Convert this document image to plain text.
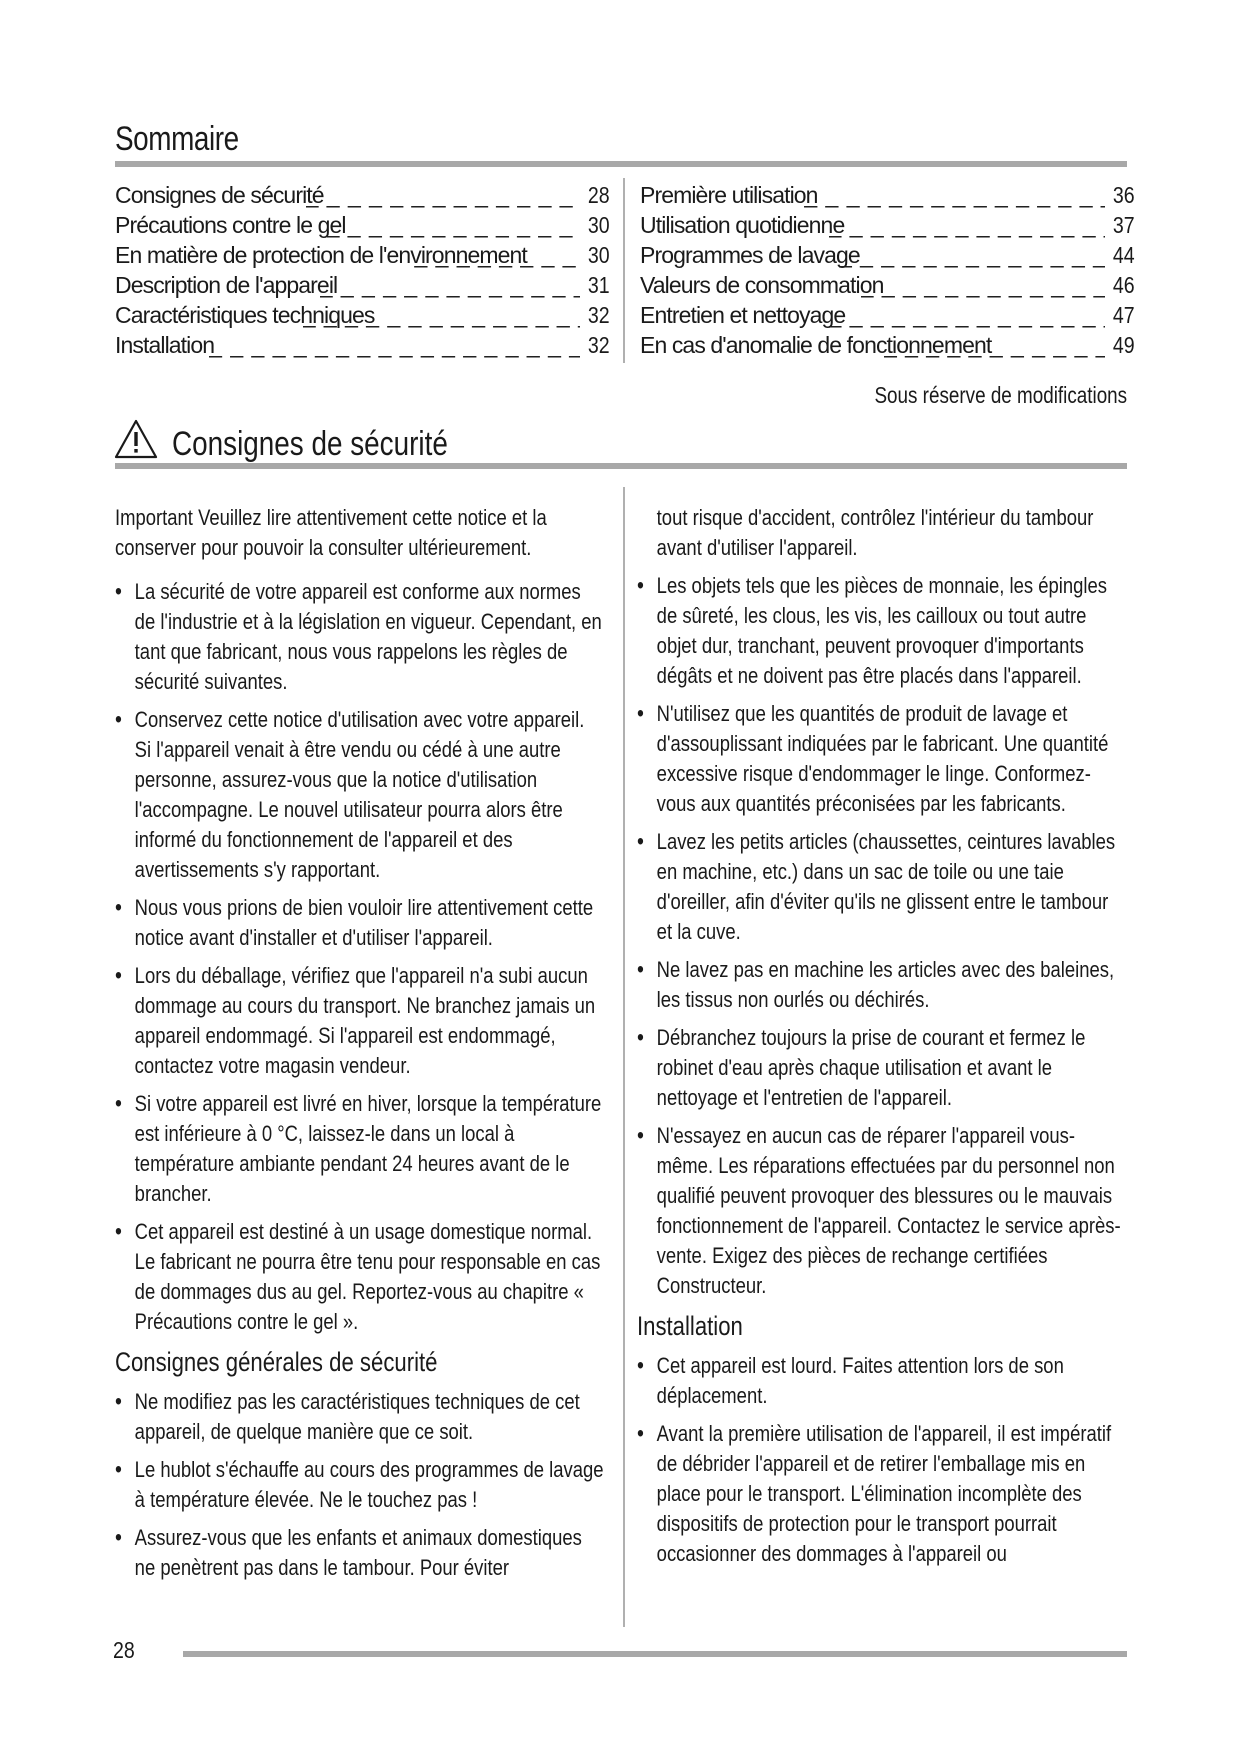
Sommaire
Consignes de sécurité _ _ _	28
Précautions contre le gel _ _ _	30
En matière de protection de l'environnement _ _ _	30
Description de l'appareil _ _ _	31
Caractéristiques techniques _ _ _	32
Installation _ _ _	32
Première utilisation _ _ _	36
Utilisation quotidienne _ _ _	37
Programmes de lavage _ _ _	44
Valeurs de consommation _ _ _	46
Entretien et nettoyage _ _ _	47
En cas d'anomalie de fonctionnement _ _ _	49
Sous réserve de modifications
Consignes de sécurité

Important Veuillez lire attentivement cette notice et la conserver pour pouvoir la consulter ultérieurement.

• La sécurité de votre appareil est conforme aux normes de l'industrie et à la législation en vigueur. Cependant, en tant que fabricant, nous vous rappelons les règles de sécurité suivantes.
• Conservez cette notice d'utilisation avec votre appareil. Si l'appareil venait à être vendu ou cédé à une autre personne, assurez-vous que la notice d'utilisation l'accompagne. Le nouvel utilisateur pourra alors être informé du fonctionnement de l'appareil et des avertissements s'y rapportant.
• Nous vous prions de bien vouloir lire attentivement cette notice avant d'installer et d'utiliser l'appareil.
• Lors du déballage, vérifiez que l'appareil n'a subi aucun dommage au cours du transport. Ne branchez jamais un appareil endommagé. Si l'appareil est endommagé, contactez votre magasin vendeur.
• Si votre appareil est livré en hiver, lorsque la température est inférieure à 0 °C, laissez-le dans un local à température ambiante pendant 24 heures avant de le brancher.
• Cet appareil est destiné à un usage domestique normal. Le fabricant ne pourra être tenu pour responsable en cas de dommages dus au gel. Reportez-vous au chapitre « Précautions contre le gel ».
Consignes générales de sécurité
• Ne modifiez pas les caractéristiques techniques de cet appareil, de quelque manière que ce soit.
• Le hublot s'échauffe au cours des programmes de lavage à température élevée. Ne le touchez pas !
• Assurez-vous que les enfants et animaux domestiques ne penètrent pas dans le tambour. Pour éviter
tout risque d'accident, contrôlez l'intérieur du tambour avant d'utiliser l'appareil.
• Les objets tels que les pièces de monnaie, les épingles de sûreté, les clous, les vis, les cailloux ou tout autre objet dur, tranchant, peuvent provoquer d'importants dégâts et ne doivent pas être placés dans l'appareil.
• N'utilisez que les quantités de produit de lavage et d'assouplissant indiquées par le fabricant. Une quantité excessive risque d'endommager le linge. Conformez-vous aux quantités préconisées par les fabricants.
• Lavez les petits articles (chaussettes, ceintures lavables en machine, etc.) dans un sac de toile ou une taie d'oreiller, afin d'éviter qu'ils ne glissent entre le tambour et la cuve.
• Ne lavez pas en machine les articles avec des baleines, les tissus non ourlés ou déchirés.
• Débranchez toujours la prise de courant et fermez le robinet d'eau après chaque utilisation et avant le nettoyage et l'entretien de l'appareil.
• N'essayez en aucun cas de réparer l'appareil vous-même. Les réparations effectuées par du personnel non qualifié peuvent provoquer des blessures ou le mauvais fonctionnement de l'appareil. Contactez le service après-vente. Exigez des pièces de rechange certifiées Constructeur.
Installation
• Cet appareil est lourd. Faites attention lors de son déplacement.
• Avant la première utilisation de l'appareil, il est impératif de débrider l'appareil et de retirer l'emballage mis en place pour le transport. L'élimination incomplète des dispositifs de protection pour le transport pourrait occasionner des dommages à l'appareil ou
28
